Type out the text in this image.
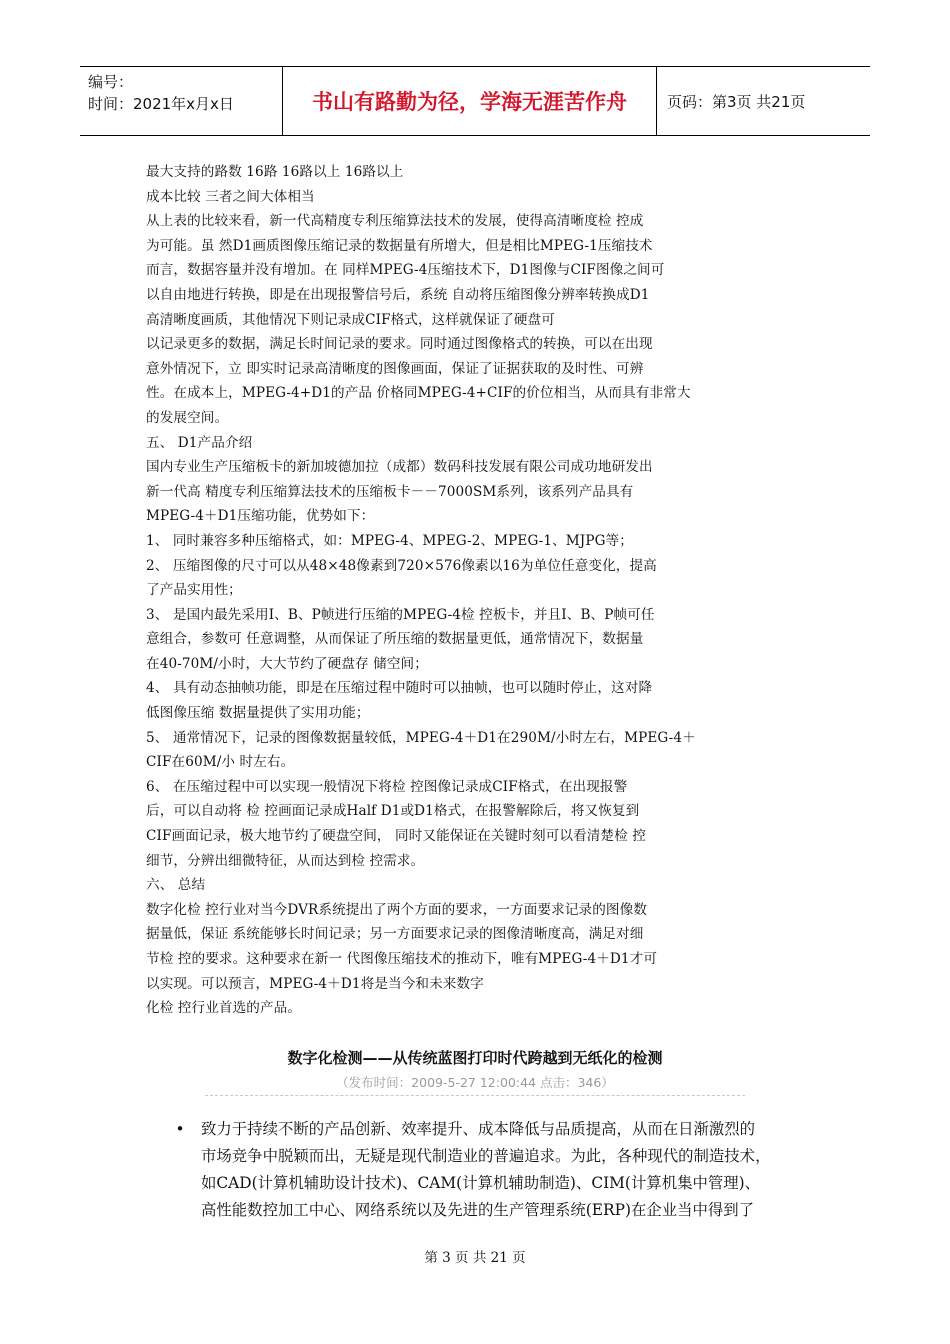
编号：
时间：2021年x月x日	书山有路勤为径，学海无涯苦作舟	页码：第3页 共21页
最大支持的路数 16路 16路以上 16路以上
成本比较 三者之间大体相当
从上表的比较来看，新一代高精度专利压缩算法技术的发展，使得高清晰度检 控成
为可能。虽 然D1画质图像压缩记录的数据量有所增大，但是相比MPEG-1压缩技术
而言，数据容量并没有增加。在 同样MPEG-4压缩技术下，D1图像与CIF图像之间可
以自由地进行转换，即是在出现报警信号后，系统 自动将压缩图像分辨率转换成D1
高清晰度画质，其他情况下则记录成CIF格式，这样就保证了硬盘可
以记录更多的数据，满足长时间记录的要求。同时通过图像格式的转换，可以在出现
意外情况下，立 即实时记录高清晰度的图像画面，保证了证据获取的及时性、可辨
性。在成本上，MPEG-4+D1的产品 价格同MPEG-4+CIF的价位相当，从而具有非常大
的发展空间。
五、 D1产品介绍
国内专业生产压缩板卡的新加坡德加拉（成都）数码科技发展有限公司成功地研发出
新一代高 精度专利压缩算法技术的压缩板卡－－7000SM系列，该系列产品具有
MPEG-4＋D1压缩功能，优势如下：
1、 同时兼容多种压缩格式，如：MPEG-4、MPEG-2、MPEG-1、MJPG等；
2、 压缩图像的尺寸可以从48×48像素到720×576像素以16为单位任意变化，提高
了产品实用性；
3、 是国内最先采用I、B、P帧进行压缩的MPEG-4检 控板卡，并且I、B、P帧可任
意组合，参数可 任意调整，从而保证了所压缩的数据量更低，通常情况下，数据量
在40-70M/小时，大大节约了硬盘存 储空间；
4、 具有动态抽帧功能，即是在压缩过程中随时可以抽帧，也可以随时停止，这对降
低图像压缩 数据量提供了实用功能；
5、 通常情况下，记录的图像数据量较低，MPEG-4＋D1在290M/小时左右，MPEG-4＋
CIF在60M/小 时左右。
6、 在压缩过程中可以实现一般情况下将检 控图像记录成CIF格式，在出现报警
后，可以自动将 检 控画面记录成Half D1或D1格式，在报警解除后，将又恢复到
CIF画面记录，极大地节约了硬盘空间， 同时又能保证在关键时刻可以看清楚检 控
细节，分辨出细微特征，从而达到检 控需求。
六、 总结
数字化检 控行业对当今DVR系统提出了两个方面的要求，一方面要求记录的图像数
据量低，保证 系统能够长时间记录；另一方面要求记录的图像清晰度高，满足对细
节检 控的要求。这种要求在新一 代图像压缩技术的推动下，唯有MPEG-4＋D1才可
以实现。可以预言，MPEG-4＋D1将是当今和未来数字
化检 控行业首选的产品。
数字化检测——从传统蓝图打印时代跨越到无纸化的检测
（发布时间：2009-5-27 12:00:44 点击：346）
•	致力于持续不断的产品创新、效率提升、成本降低与品质提高，从而在日渐激烈的
市场竞争中脱颖而出，无疑是现代制造业的普遍追求。为此，各种现代的制造技术，
如CAD(计算机辅助设计技术)、CAM(计算机辅助制造)、CIM(计算机集中管理)、
高性能数控加工中心、网络系统以及先进的生产管理系统(ERP)在企业当中得到了
第 3 页 共 21 页
